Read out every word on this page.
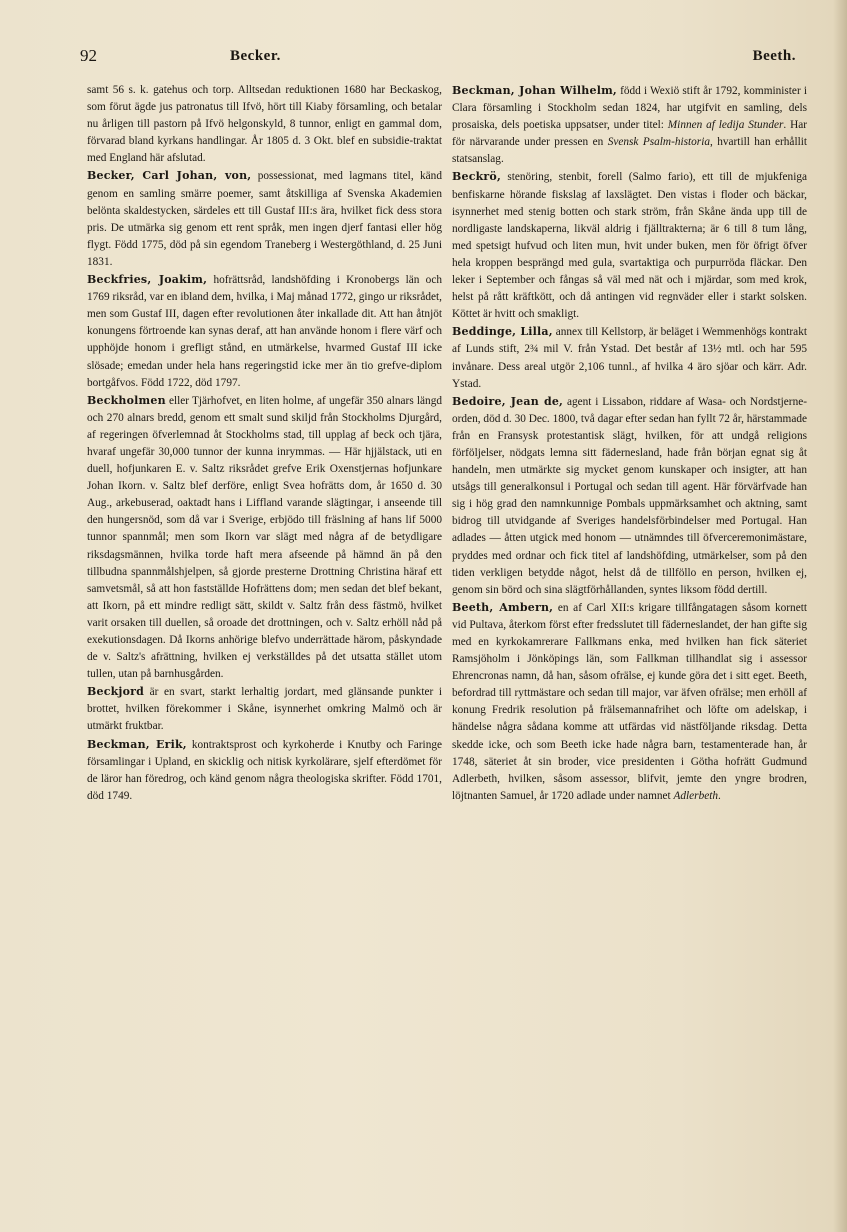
92	Becker.	Beeth.

samt 56 s. k. gatehus och torp. Alltsedan reduktionen 1680 har Beckaskog, som förut ägde jus patronatus till Ifvö, hört till Kiaby församling, och betalar nu årligen till pastorn på Ifvö helgonskyld, 8 tunnor, enligt en gammal dom, förvarad bland kyrkans handlingar. År 1805 d. 3 Okt. blef en subsidie-traktat med England här afslutad.

Becker, Carl Johan, von, possessionat, med lagmans titel, känd genom en samling smärre poemer, samt åtskilliga af Svenska Akademien belönta skaldestycken, särdeles ett till Gustaf III:s ära, hvilket fick dess stora pris. De utmärka sig genom ett rent språk, men ingen djerf fantasi eller hög flygt. Född 1775, död på sin egendom Traneberg i Westergöthland, d. 25 Juni 1831.

Beckfries, Joakim, hofrättsråd, landshöfding i Kronobergs län och 1769 riksråd, var en ibland dem, hvilka, i Maj månad 1772, gingo ur riksrådet, men som Gustaf III, dagen efter revolutionen åter inkallade dit. Att han åtnjöt konungens förtroende kan synas deraf, att han använde honom i flere värf och upphöjde honom i grefligt stånd, en utmärkelse, hvarmed Gustaf III icke slösade; emedan under hela hans regeringstid icke mer än tio grefve-diplom bortgåfvos. Född 1722, död 1797.

Beckholmen eller Tjärhofvet, en liten holme, af ungefär 350 alnars längd och 270 alnars bredd, genom ett smalt sund skiljd från Stockholms Djurgård, af regeringen öfverlemnad åt Stockholms stad, till upplag af beck och tjära, hvaraf ungefär 30,000 tunnor der kunna inrymmas. — Här hjjälstack, uti en duell, hofjunkaren E. v. Saltz riksrådet grefve Erik Oxenstjernas hofjunkare Johan Ikorn. v. Saltz blef derföre, enligt Svea hofrätts dom, år 1650 d. 30 Aug., arkebuserad, oaktadt hans i Liffland varande slägtingar, i anseende till den hungersnöd, som då var i Sverige, erbjödo till fräslning af hans lif 5000 tunnor spannmål; men som Ikorn var slägt med några af de betydligare riksdagsmännen, hvilka torde haft mera afseende på hämnd än på den tillbudna spannmålshjelpen, så gjorde presterne Drottning Christina häraf ett samvetsmål, så att hon fastställde Hofrättens dom; men sedan det blef bekant, att Ikorn, på ett mindre redligt sätt, skildt v. Saltz från dess fästmö, hvilket varit orsaken till duellen, så oroade det drottningen, och v. Saltz erhöll nåd på exekutionsdagen. Då Ikorns anhörige blefvo underrättade härom, påskyndade de v. Saltz's afrättning, hvilken ej verkställdes på det utsatta stället utom tullen, utan på barnhusgården.

Beckjord är en svart, starkt lerhaltig jordart, med glänsande punkter i brottet, hvilken förekommer i Skåne, isynnerhet omkring Malmö och är utmärkt fruktbar.

Beckman, Erik, kontraktsprost och kyrkoherde i Knutby och Faringe församlingar i Upland, en skicklig och nitisk kyrkolärare, sjelf efterdömet för de läror han föredrog, och känd genom några theologiska skrifter. Född 1701, död 1749.

Beckman, Johan Wilhelm, född i Wexiö stift år 1792, komminister i Clara församling i Stockholm sedan 1824, har utgifvit en samling, dels prosaiska, dels poetiska uppsatser, under titel: Minnen af ledija Stunder. Har för närvarande under pressen en Svensk Psalm-historia, hvartill han erhållit statsanslag.

Beckrö, stenöring, stenbit, forell (Salmo fario), ett till de mjukfeniga benfiskarne hörande fiskslag af laxslägtet. Den vistas i floder och bäckar, isynnerhet med stenig botten och stark ström, från Skåne ända upp till de nordligaste landskaperna, likväl aldrig i fjälltrakterna; är 6 till 8 tum lång, med spetsigt hufvud och liten mun, hvit under buken, men för öfrigt öfver hela kroppen besprängd med gula, svartaktiga och purpurröda fläckar. Den leker i September och fångas så väl med nät och i mjärdar, som med krok, helst på rått kräftkött, och då antingen vid regnväder eller i starkt solsken. Köttet är hvitt och smakligt.

Beddinge, Lilla, annex till Kellstorp, är beläget i Wemmenhögs kontrakt af Lunds stift, 2¾ mil V. från Ystad. Det består af 13½ mtl. och har 595 invånare. Dess areal utgör 2,106 tunnl., af hvilka 4 äro sjöar och kärr. Adr. Ystad.

Bedoire, Jean de, agent i Lissabon, riddare af Wasa- och Nordstjerne-orden, död d. 30 Dec. 1800, två dagar efter sedan han fyllt 72 år, härstammade från en Fransysk protestantisk slägt, hvilken, för att undgå religions förföljelser, nödgats lemna sitt fädernesland, hade från början egnat sig åt handeln, men utmärkte sig mycket genom kunskaper och insigter, att han utsågs till generalkonsul i Portugal och sedan till agent. Här förvärfvade han sig i hög grad den namnkunnige Pombals uppmärksamhet och aktning, samt bidrog till utvidgande af Sveriges handelsförbindelser med Portugal. Han adlades — åtten utgick med honom — utnämndes till öfverceremonimästare, pryddes med ordnar och fick titel af landshöfding, utmärkelser, som på den tiden verkligen betydde något, helst då de tillföllo en person, hvilken ej, genom sin börd och sina slägtförhållanden, syntes liksom född dertill.

Beeth, Ambern, en af Carl XII:s krigare tillfångatagen såsom kornett vid Pultava, återkom först efter fredsslutet till fäderneslandet, der han gifte sig med en kyrkokamrerare Fallkmans enka, med hvilken han fick säteriet Ramsjöholm i Jönköpings län, som Fallkman tillhandlat sig i assessor Ehrencronas namn, då han, såsom ofrälse, ej kunde göra det i sitt eget. Beeth, befordrad till ryttmästare och sedan till major, var äfven ofrälse; men erhöll af konung Fredrik resolution på frälsemannafrihet och löfte om adelskap, i händelse några sådana komme att utfärdas vid nästföljande riksdag. Detta skedde icke, och som Beeth icke hade några barn, testamenterade han, år 1748, säteriet åt sin broder, vice presidenten i Götha hofrätt Gudmund Adlerbeth, hvilken, såsom assessor, blifvit, jemte den yngre brodren, löjtnanten Samuel, år 1720 adlade under namnet Adlerbeth.
